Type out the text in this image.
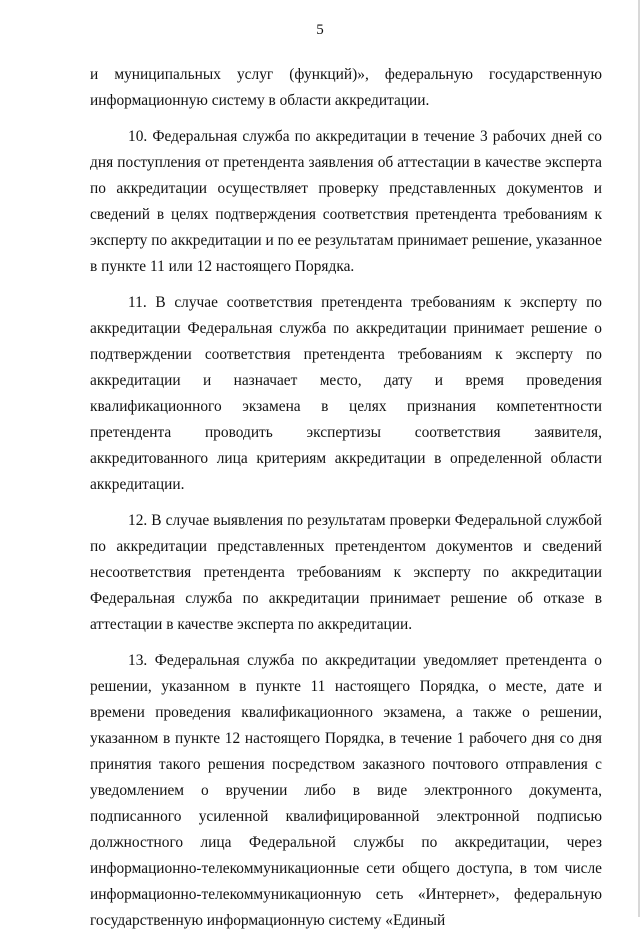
5

и муниципальных услуг (функций)», федеральную государственную информационную систему в области аккредитации.

10. Федеральная служба по аккредитации в течение 3 рабочих дней со дня поступления от претендента заявления об аттестации в качестве эксперта по аккредитации осуществляет проверку представленных документов и сведений в целях подтверждения соответствия претендента требованиям к эксперту по аккредитации и по ее результатам принимает решение, указанное в пункте 11 или 12 настоящего Порядка.

11. В случае соответствия претендента требованиям к эксперту по аккредитации Федеральная служба по аккредитации принимает решение о подтверждении соответствия претендента требованиям к эксперту по аккредитации и назначает место, дату и время проведения квалификационного экзамена в целях признания компетентности претендента проводить экспертизы соответствия заявителя, аккредитованного лица критериям аккредитации в определенной области аккредитации.

12. В случае выявления по результатам проверки Федеральной службой по аккредитации представленных претендентом документов и сведений несоответствия претендента требованиям к эксперту по аккредитации Федеральная служба по аккредитации принимает решение об отказе в аттестации в качестве эксперта по аккредитации.

13. Федеральная служба по аккредитации уведомляет претендента о решении, указанном в пункте 11 настоящего Порядка, о месте, дате и времени проведения квалификационного экзамена, а также о решении, указанном в пункте 12 настоящего Порядка, в течение 1 рабочего дня со дня принятия такого решения посредством заказного почтового отправления с уведомлением о вручении либо в виде электронного документа, подписанного усиленной квалифицированной электронной подписью должностного лица Федеральной службы по аккредитации, через информационно-телекоммуникационные сети общего доступа, в том числе информационно-телекоммуникационную сеть «Интернет», федеральную государственную информационную систему «Единый
